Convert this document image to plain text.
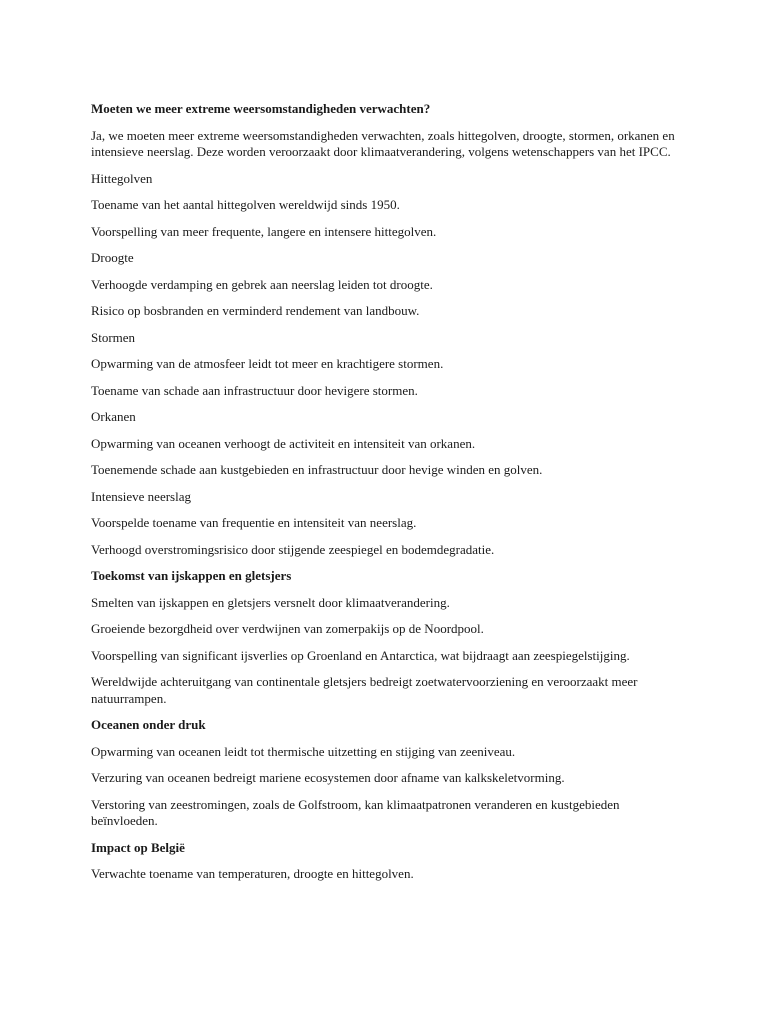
Moeten we meer extreme weersomstandigheden verwachten?

Ja, we moeten meer extreme weersomstandigheden verwachten, zoals hittegolven, droogte, stormen, orkanen en intensieve neerslag. Deze worden veroorzaakt door klimaatverandering, volgens wetenschappers van het IPCC.

Hittegolven

Toename van het aantal hittegolven wereldwijd sinds 1950.

Voorspelling van meer frequente, langere en intensere hittegolven.

Droogte

Verhoogde verdamping en gebrek aan neerslag leiden tot droogte.

Risico op bosbranden en verminderd rendement van landbouw.

Stormen

Opwarming van de atmosfeer leidt tot meer en krachtigere stormen.

Toename van schade aan infrastructuur door hevigere stormen.

Orkanen

Opwarming van oceanen verhoogt de activiteit en intensiteit van orkanen.

Toenemende schade aan kustgebieden en infrastructuur door hevige winden en golven.

Intensieve neerslag

Voorspelde toename van frequentie en intensiteit van neerslag.

Verhoogd overstromingsrisico door stijgende zeespiegel en bodemdegradatie.

Toekomst van ijskappen en gletsjers

Smelten van ijskappen en gletsjers versnelt door klimaatverandering.

Groeiende bezorgdheid over verdwijnen van zomerpakijs op de Noordpool.

Voorspelling van significant ijsverlies op Groenland en Antarctica, wat bijdraagt aan zeespiegelstijging.

Wereldwijde achteruitgang van continentale gletsjers bedreigt zoetwatervoorziening en veroorzaakt meer natuurrampen.

Oceanen onder druk

Opwarming van oceanen leidt tot thermische uitzetting en stijging van zeeniveau.

Verzuring van oceanen bedreigt mariene ecosystemen door afname van kalkskeletvorming.

Verstoring van zeestromingen, zoals de Golfstroom, kan klimaatpatronen veranderen en kustgebieden beïnvloeden.

Impact op België

Verwachte toename van temperaturen, droogte en hittegolven.
